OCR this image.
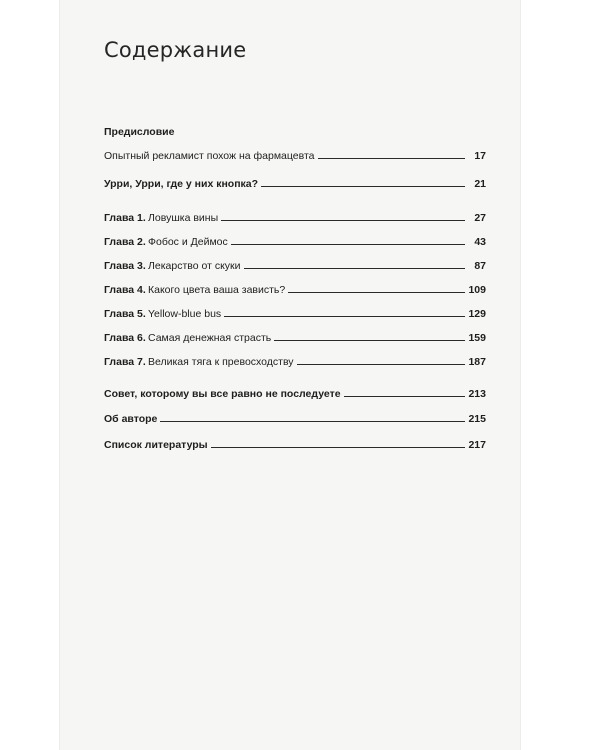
Содержание
Предисловие
Опытный рекламист похож на фармацевта	17
Урри, Урри, где у них кнопка?	21
Глава 1. Ловушка вины	27
Глава 2. Фобос и Деймос	43
Глава 3. Лекарство от скуки	87
Глава 4. Какого цвета ваша зависть?	109
Глава 5. Yellow-blue bus	129
Глава 6. Самая денежная страсть	159
Глава 7. Великая тяга к превосходству	187
Совет, которому вы все равно не последуете	213
Об авторе	215
Список литературы	217
